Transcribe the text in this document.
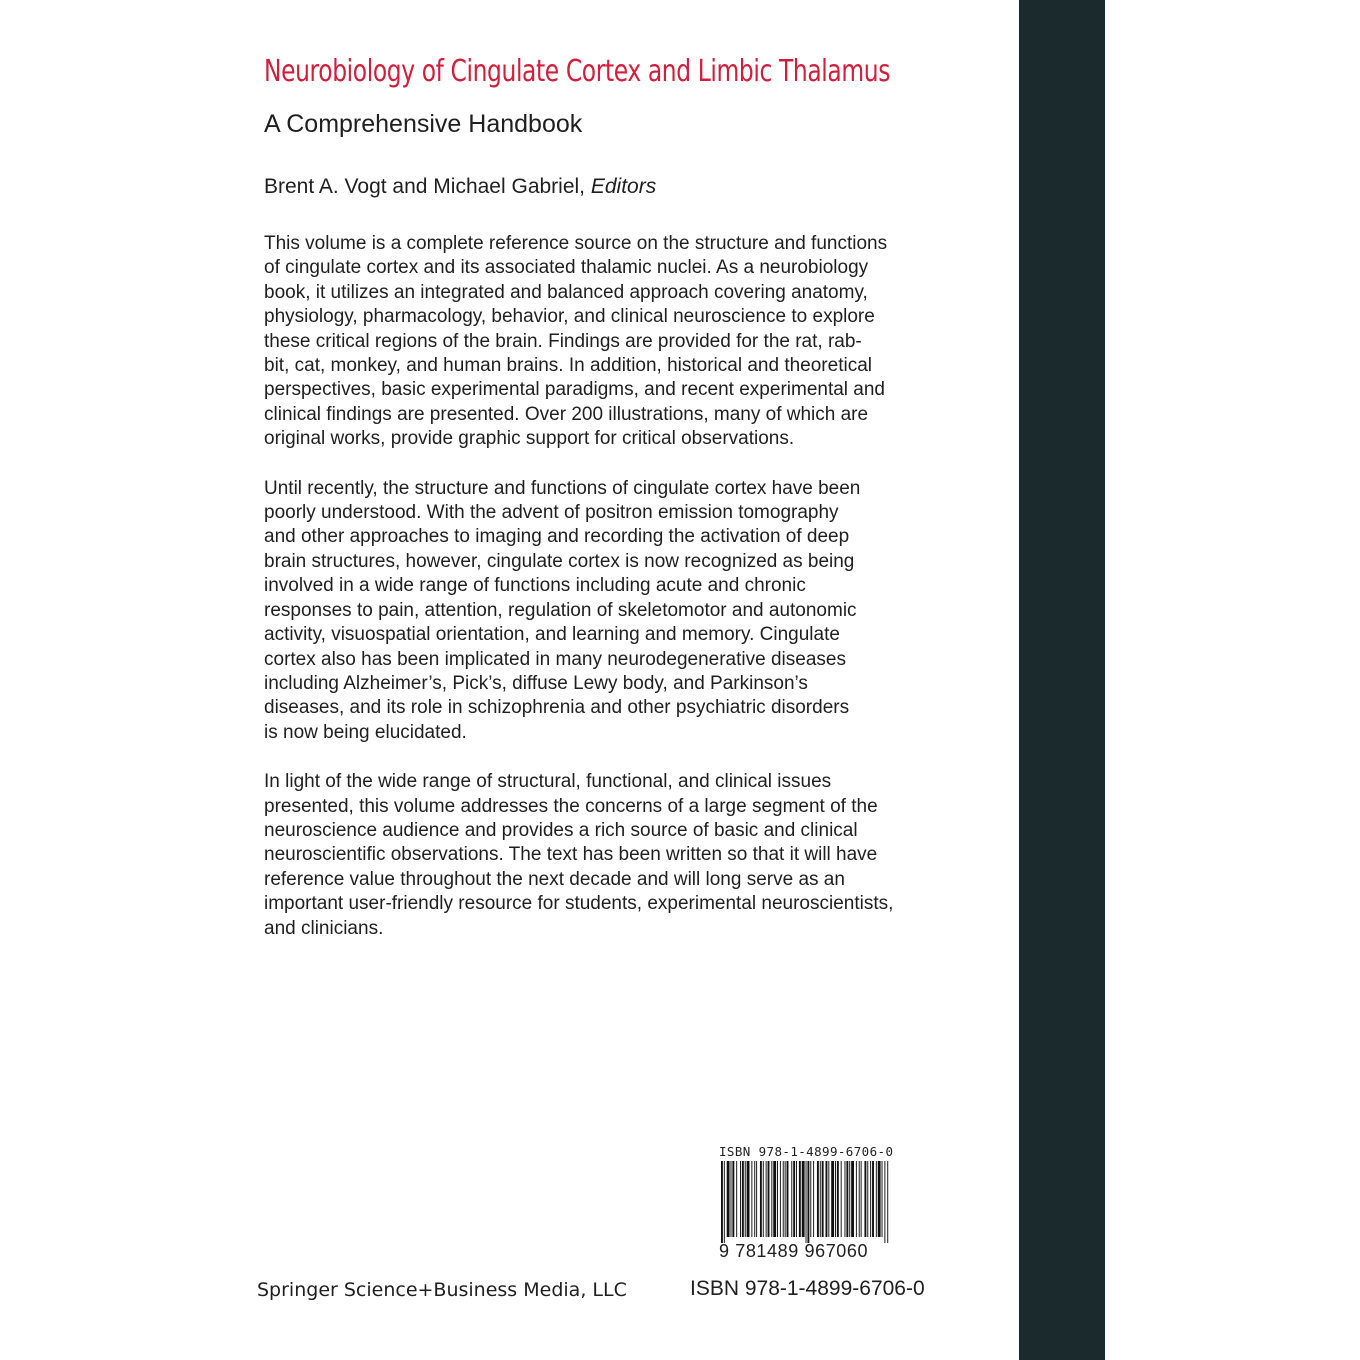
Neurobiology of Cingulate Cortex and Limbic Thalamus
A Comprehensive Handbook
Brent A. Vogt and Michael Gabriel, Editors

This volume is a complete reference source on the structure and functions
of cingulate cortex and its associated thalamic nuclei. As a neurobiology
book, it utilizes an integrated and balanced approach covering anatomy,
physiology, pharmacology, behavior, and clinical neuroscience to explore
these critical regions of the brain. Findings are provided for the rat, rab-
bit, cat, monkey, and human brains. In addition, historical and theoretical
perspectives, basic experimental paradigms, and recent experimental and
clinical findings are presented. Over 200 illustrations, many of which are
original works, provide graphic support for critical observations.

Until recently, the structure and functions of cingulate cortex have been
poorly understood. With the advent of positron emission tomography
and other approaches to imaging and recording the activation of deep
brain structures, however, cingulate cortex is now recognized as being
involved in a wide range of functions including acute and chronic
responses to pain, attention, regulation of skeletomotor and autonomic
activity, visuospatial orientation, and learning and memory. Cingulate
cortex also has been implicated in many neurodegenerative diseases
including Alzheimer’s, Pick’s, diffuse Lewy body, and Parkinson’s
diseases, and its role in schizophrenia and other psychiatric disorders
is now being elucidated.

In light of the wide range of structural, functional, and clinical issues
presented, this volume addresses the concerns of a large segment of the
neuroscience audience and provides a rich source of basic and clinical
neuroscientific observations. The text has been written so that it will have
reference value throughout the next decade and will long serve as an
important user-friendly resource for students, experimental neuroscientists,
and clinicians.

ISBN 978-1-4899-6706-0
9 781489 967060
Springer Science+Business Media, LLC	ISBN 978-1-4899-6706-0
